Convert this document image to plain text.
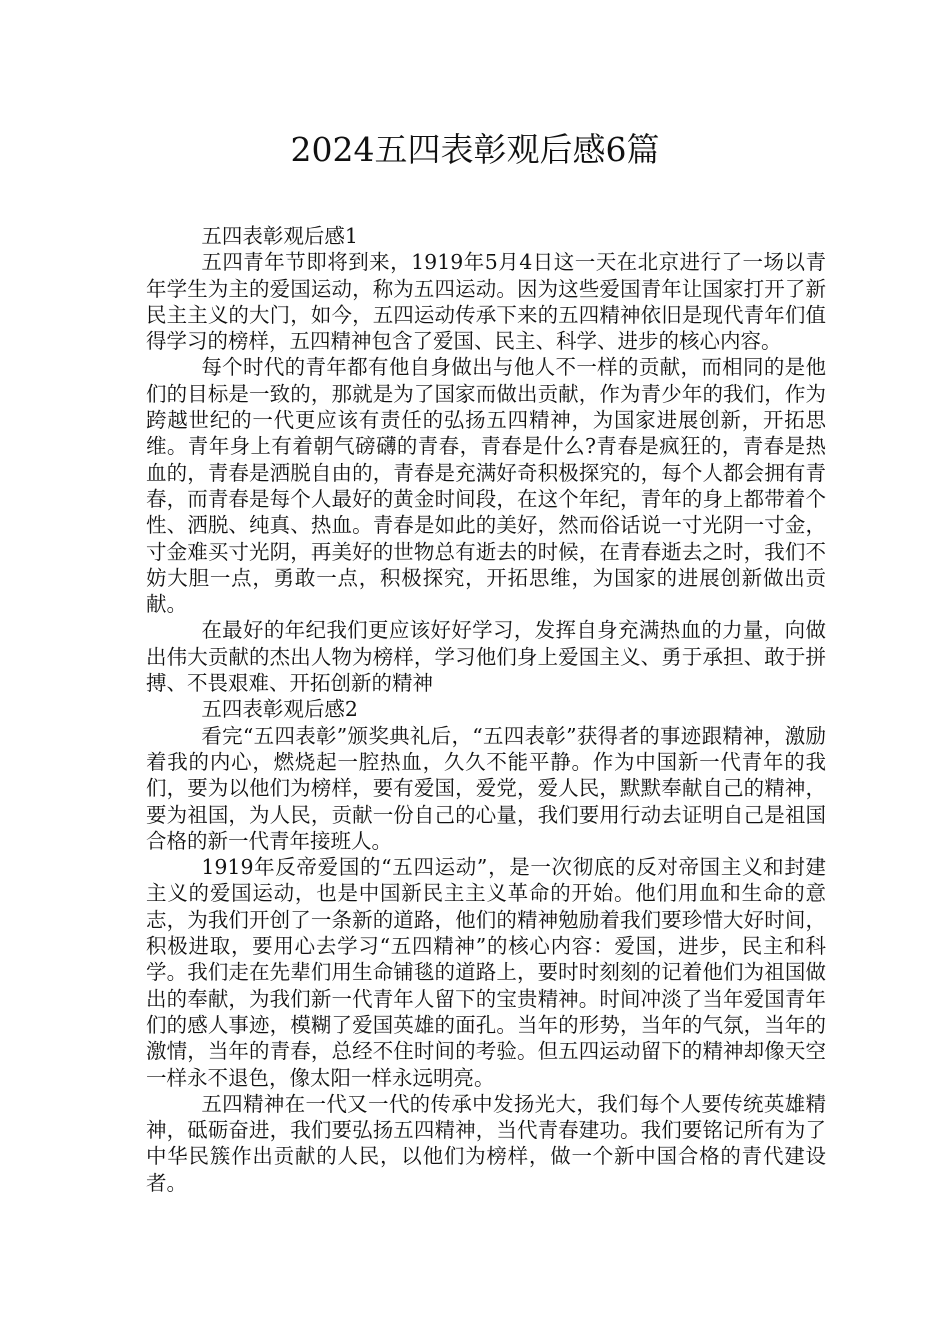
2024五四表彰观后感6篇

五四表彰观后感1

五四青年节即将到来，1919年5月4日这一天在北京进行了一场以青年学生为主的爱国运动，称为五四运动。因为这些爱国青年让国家打开了新民主主义的大门，如今，五四运动传承下来的五四精神依旧是现代青年们值得学习的榜样，五四精神包含了爱国、民主、科学、进步的核心内容。

每个时代的青年都有他自身做出与他人不一样的贡献，而相同的是他们的目标是一致的，那就是为了国家而做出贡献，作为青少年的我们，作为跨越世纪的一代更应该有责任的弘扬五四精神，为国家进展创新，开拓思维。青年身上有着朝气磅礴的青春，青春是什么?青春是疯狂的，青春是热血的，青春是洒脱自由的，青春是充满好奇积极探究的，每个人都会拥有青春，而青春是每个人最好的黄金时间段，在这个年纪，青年的身上都带着个性、洒脱、纯真、热血。青春是如此的美好，然而俗话说一寸光阴一寸金，寸金难买寸光阴，再美好的世物总有逝去的时候，在青春逝去之时，我们不妨大胆一点，勇敢一点，积极探究，开拓思维，为国家的进展创新做出贡献。

在最好的年纪我们更应该好好学习，发挥自身充满热血的力量，向做出伟大贡献的杰出人物为榜样，学习他们身上爱国主义、勇于承担、敢于拼搏、不畏艰难、开拓创新的精神

五四表彰观后感2

看完“五四表彰”颁奖典礼后，“五四表彰”获得者的事迹跟精神，激励着我的内心，燃烧起一腔热血，久久不能平静。作为中国新一代青年的我们，要为以他们为榜样，要有爱国，爱党，爱人民，默默奉献自己的精神，要为祖国，为人民，贡献一份自己的心量，我们要用行动去证明自己是祖国合格的新一代青年接班人。

1919年反帝爱国的“五四运动”，是一次彻底的反对帝国主义和封建主义的爱国运动，也是中国新民主主义革命的开始。他们用血和生命的意志，为我们开创了一条新的道路，他们的精神勉励着我们要珍惜大好时间，积极进取，要用心去学习“五四精神”的核心内容：爱国，进步，民主和科学。我们走在先辈们用生命铺毯的道路上，要时时刻刻的记着他们为祖国做出的奉献，为我们新一代青年人留下的宝贵精神。时间冲淡了当年爱国青年们的感人事迹，模糊了爱国英雄的面孔。当年的形势，当年的气氛，当年的激情，当年的青春，总经不住时间的考验。但五四运动留下的精神却像天空一样永不退色，像太阳一样永远明亮。

五四精神在一代又一代的传承中发扬光大，我们每个人要传统英雄精神，砥砺奋进，我们要弘扬五四精神，当代青春建功。我们要铭记所有为了中华民簇作出贡献的人民，以他们为榜样，做一个新中国合格的青代建设者。
